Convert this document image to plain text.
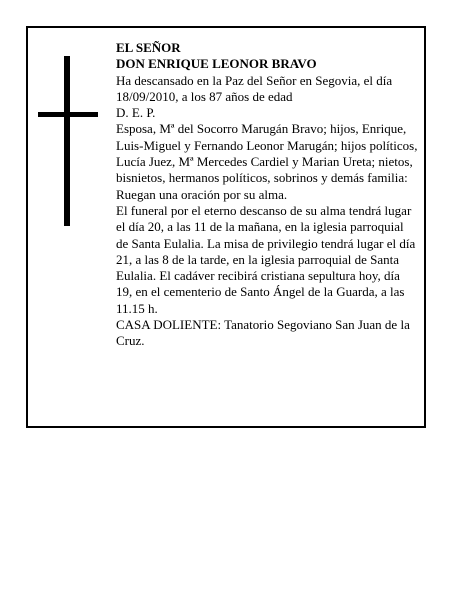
EL SEÑOR

DON ENRIQUE LEONOR BRAVO

Ha descansado en la Paz del Señor en Segovia, el día 18/09/2010, a los 87 años de edad

D. E. P.

Esposa, Mª del Socorro Marugán Bravo; hijos, Enrique, Luis-Miguel y Fernando Leonor Marugán; hijos políticos, Lucía Juez, Mª Mercedes Cardiel y Marian Ureta; nietos, bisnietos, hermanos políticos, sobrinos y demás familia:

Ruegan una oración por su alma.

El funeral por el eterno descanso de su alma tendrá lugar el día 20, a las 11 de la mañana, en la iglesia parroquial de Santa Eulalia. La misa de privilegio tendrá lugar el día 21, a las 8 de la tarde, en la iglesia parroquial de Santa Eulalia. El cadáver recibirá cristiana sepultura hoy, día 19, en el cementerio de Santo Ángel de la Guarda, a las 11.15 h.

CASA DOLIENTE: Tanatorio Segoviano San Juan de la Cruz.
